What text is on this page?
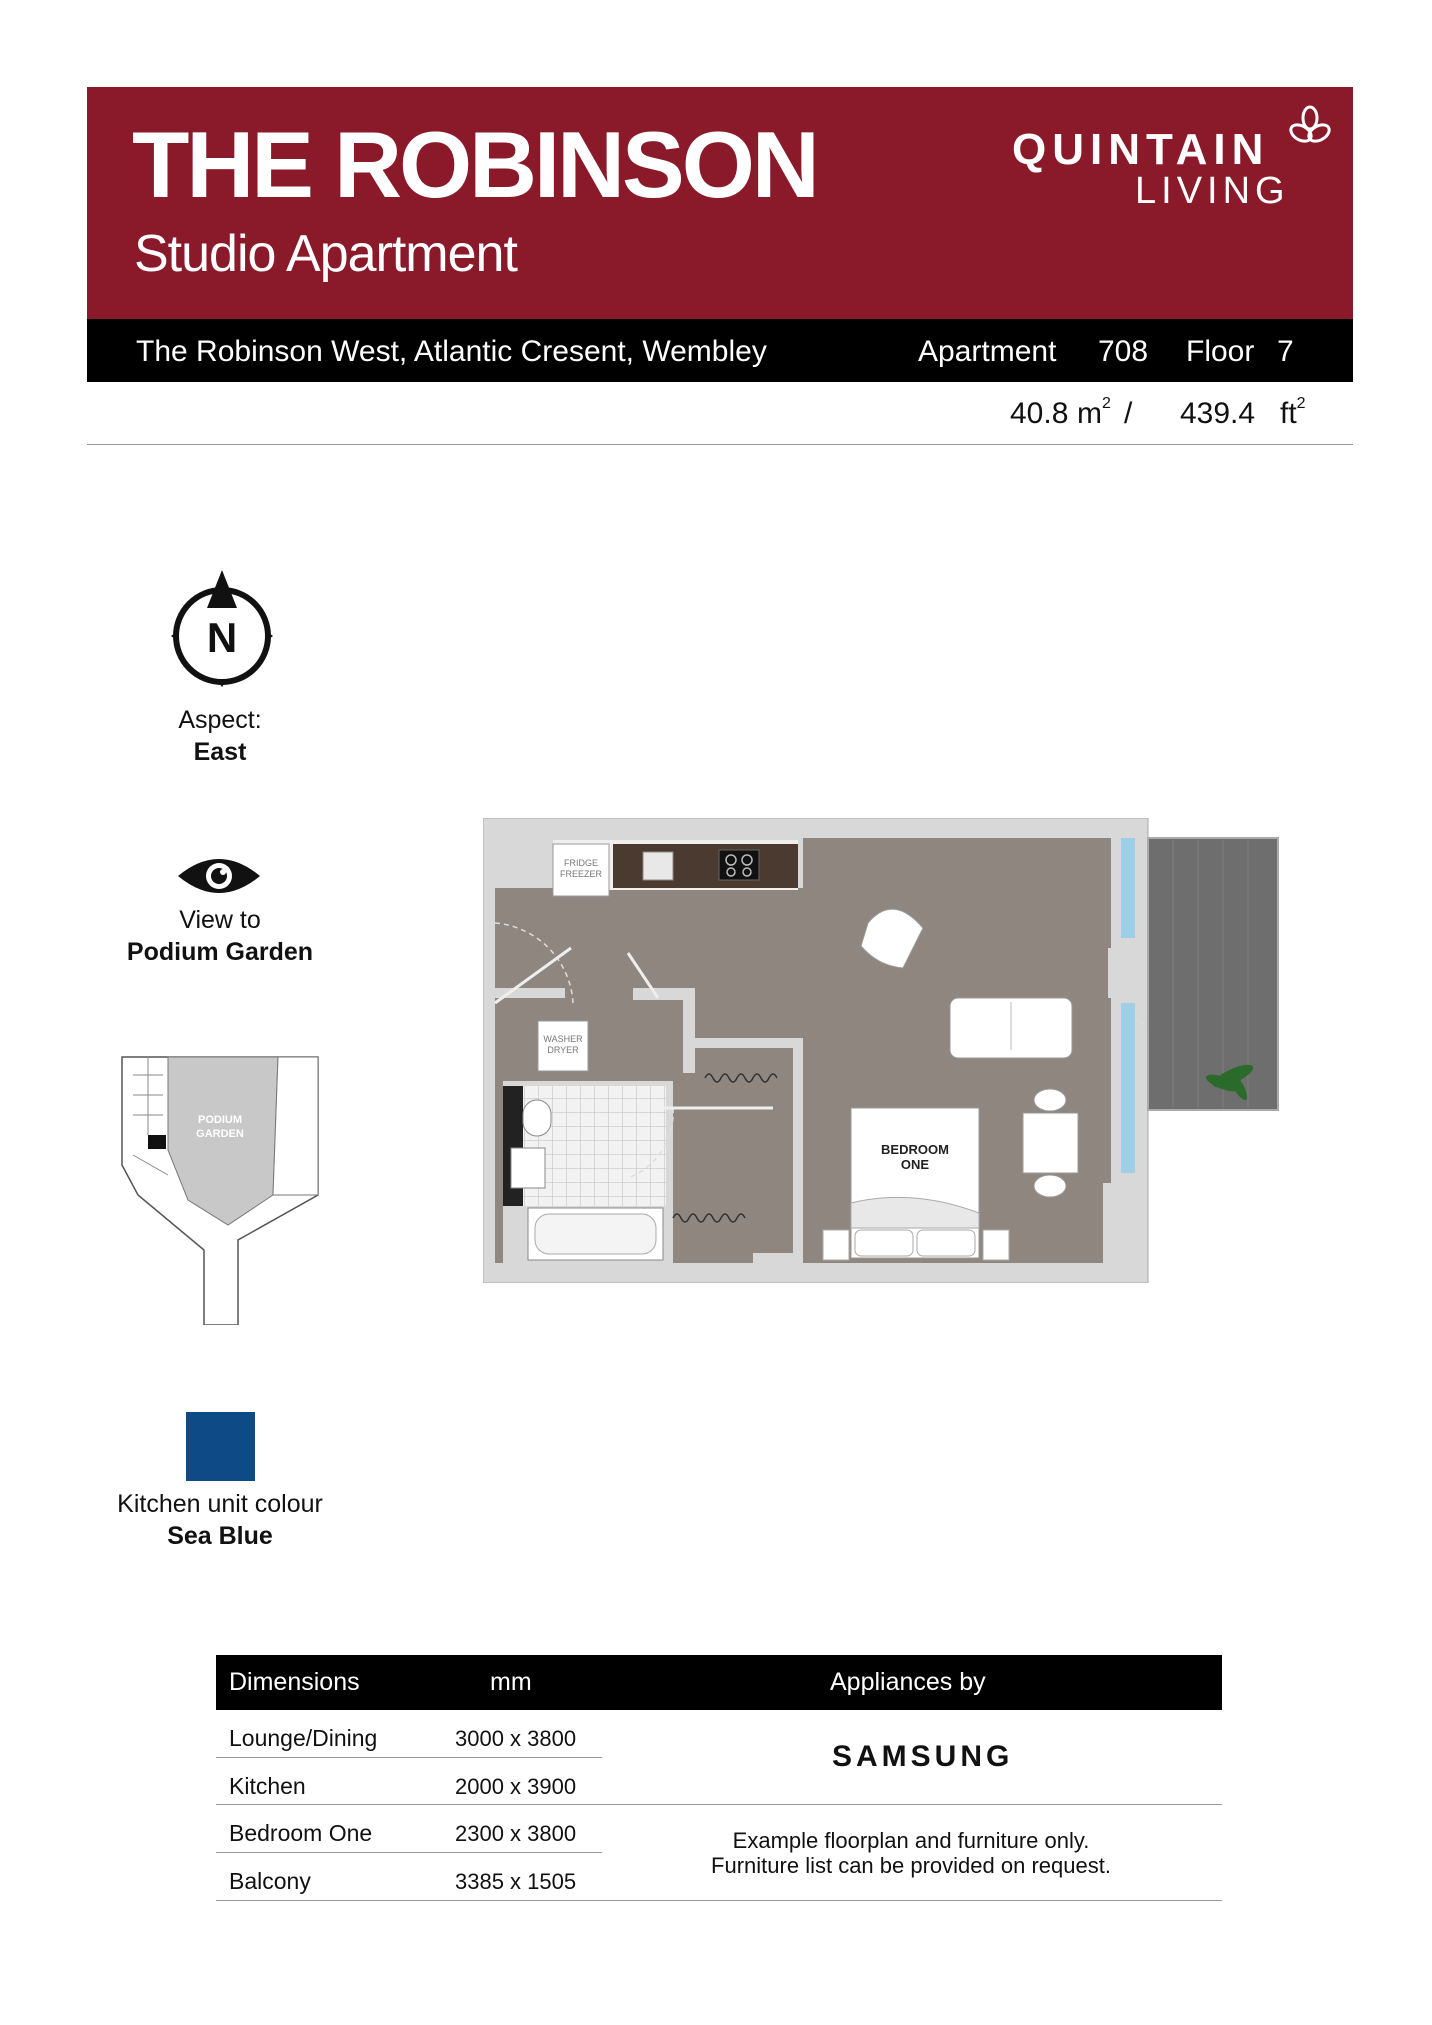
THE ROBINSON
Studio Apartment
QUINTAIN
LIVING
The Robinson West, Atlantic Cresent, Wembley	Apartment 708 Floor 7
40.8 $m^2 / 439.4$ $ft^2$
N
Aspect:
East
View to
Podium Garden
PODIUM
GARDEN
Kitchen unit colour
Sea Blue
FRIDGE
FREEZER
WASHER
DRYER
BEDROOM
ONE
Dimensions	mm	Appliances by
Lounge/Dining	3000 x 3800
Kitchen	2000 x 3900
Bedroom One	2300 x 3800
Balcony	3385 x 1505
SAMSUNG
Example floorplan and furniture only.
Furniture list can be provided on request.
